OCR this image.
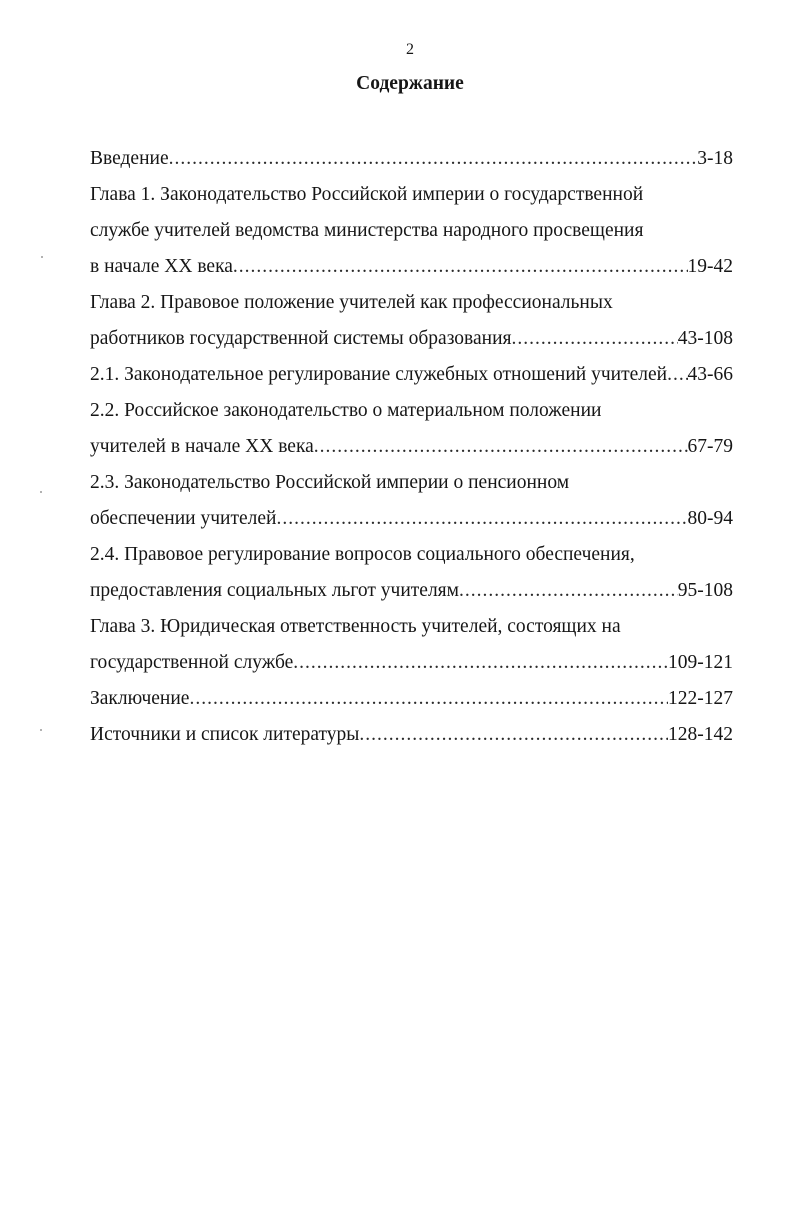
2
Содержание
Введение .....	3-18
Глава 1. Законодательство Российской империи о государственной
службе учителей ведомства министерства народного просвещения
в начале XX века .....	19-42
Глава 2. Правовое положение учителей как профессиональных
работников государственной системы образования .....	43-108
2.1. Законодательное регулирование служебных отношений учителей ..... 43-66
2.2. Российское законодательство о материальном положении
учителей в начале XX века .....	67-79
2.3. Законодательство Российской империи о пенсионном
обеспечении учителей .....	80-94
2.4. Правовое регулирование вопросов социального обеспечения,
предоставления социальных льгот учителям .....	95-108
Глава 3. Юридическая ответственность учителей, состоящих на
государственной службе .....	109-121
Заключение .....	122-127
Источники и список литературы .....	128-142
